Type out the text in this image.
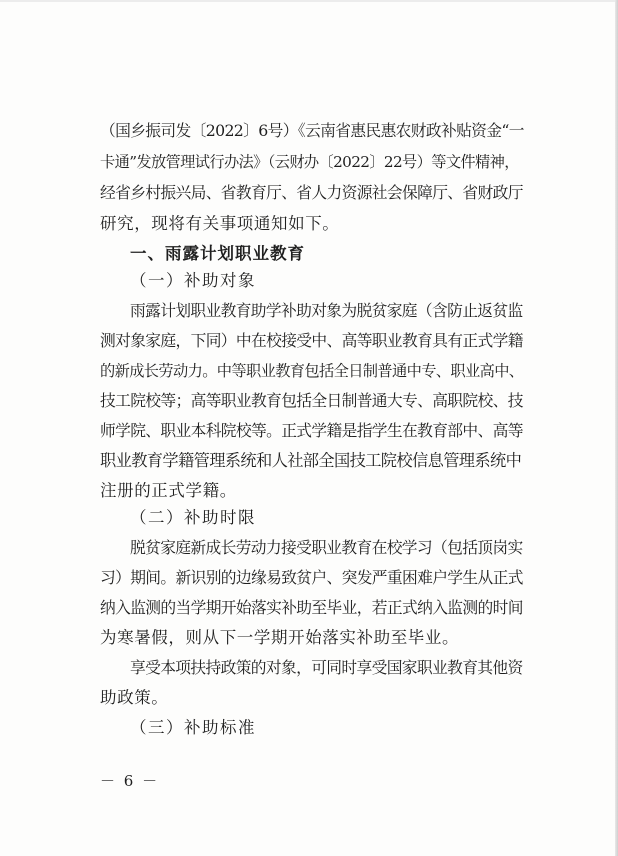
（国乡振司发〔2022〕6号）《云南省惠民惠农财政补贴资金“一
卡通”发放管理试行办法》（云财办〔2022〕22号）等文件精神，
经省乡村振兴局、省教育厅、省人力资源社会保障厅、省财政厅
研究，现将有关事项通知如下。
一、雨露计划职业教育
（一）补助对象
雨露计划职业教育助学补助对象为脱贫家庭（含防止返贫监
测对象家庭，下同）中在校接受中、高等职业教育具有正式学籍
的新成长劳动力。中等职业教育包括全日制普通中专、职业高中、
技工院校等；高等职业教育包括全日制普通大专、高职院校、技
师学院、职业本科院校等。正式学籍是指学生在教育部中、高等
职业教育学籍管理系统和人社部全国技工院校信息管理系统中
注册的正式学籍。
（二）补助时限
脱贫家庭新成长劳动力接受职业教育在校学习（包括顶岗实
习）期间。新识别的边缘易致贫户、突发严重困难户学生从正式
纳入监测的当学期开始落实补助至毕业，若正式纳入监测的时间
为寒暑假，则从下一学期开始落实补助至毕业。
享受本项扶持政策的对象，可同时享受国家职业教育其他资
助政策。
（三）补助标准
－ 6 －
